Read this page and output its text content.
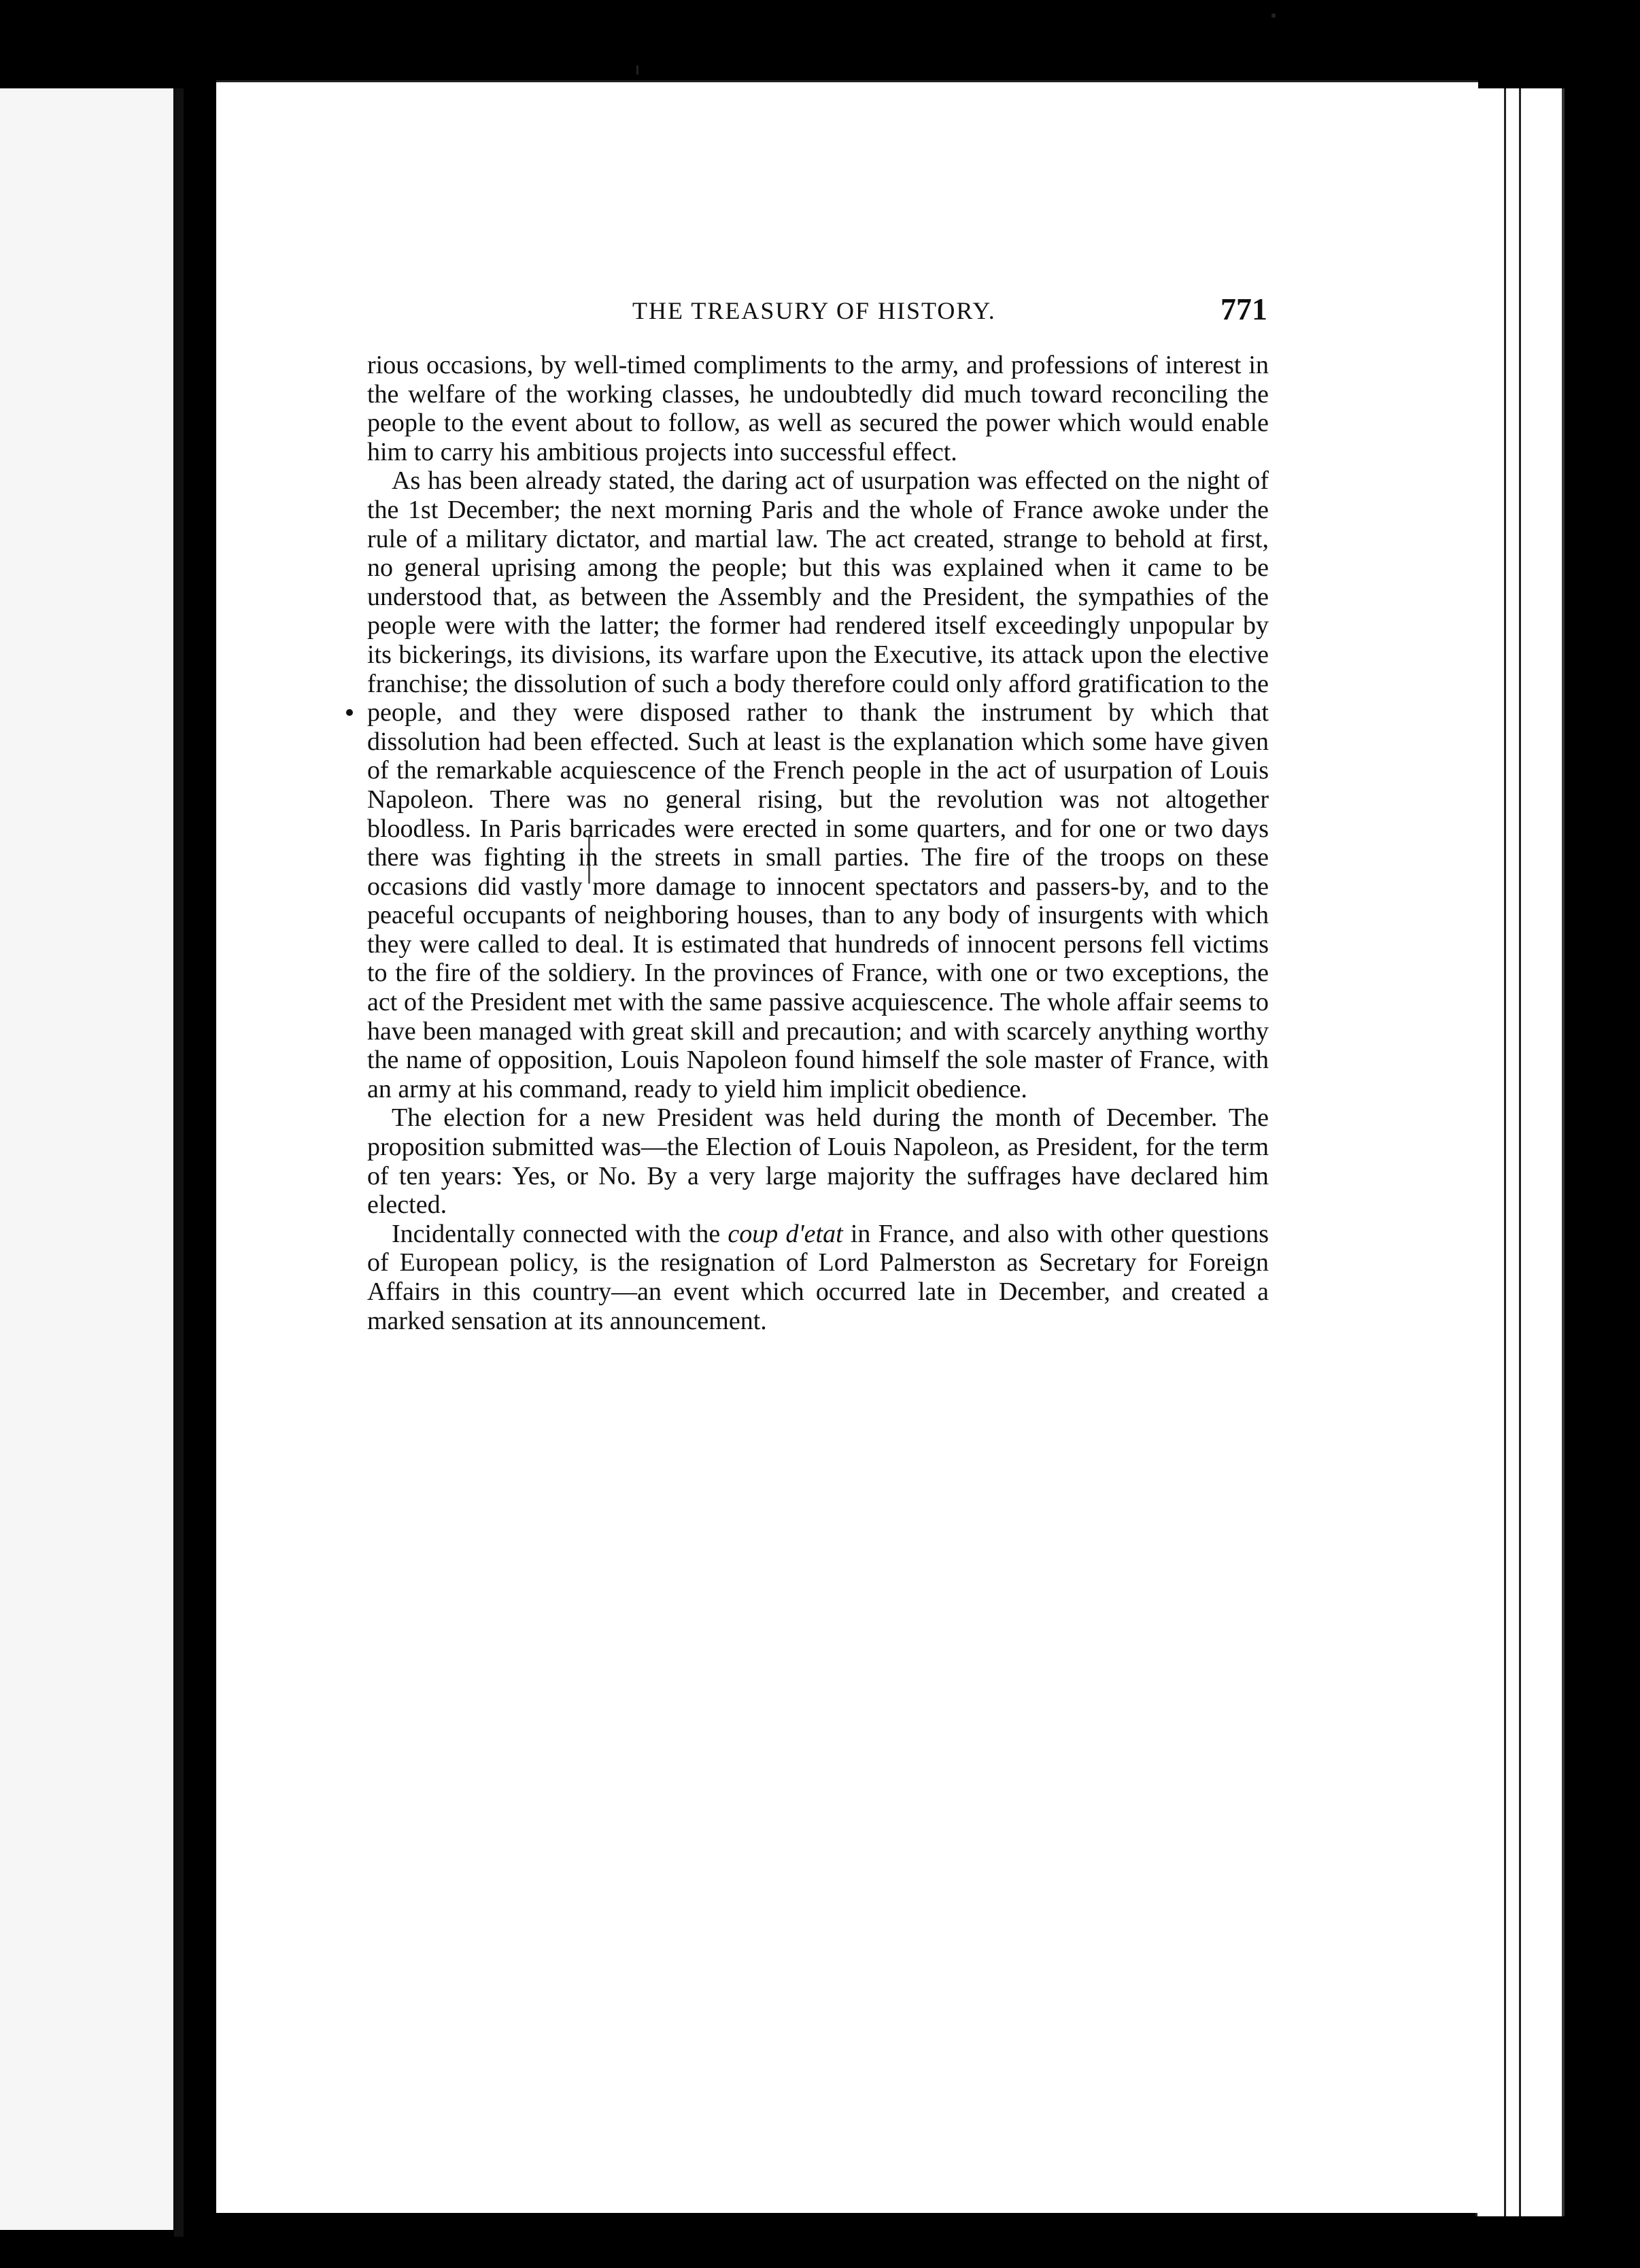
THE TREASURY OF HISTORY.	771

rious occasions, by well-timed compliments to the army, and professions of interest in the welfare of the working classes, he undoubtedly did much toward reconciling the people to the event about to follow, as well as secured the power which would enable him to carry his ambitious projects into successful effect.

As has been already stated, the daring act of usurpation was effected on the night of the 1st December; the next morning Paris and the whole of France awoke under the rule of a military dictator, and martial law. The act created, strange to behold at first, no general uprising among the people; but this was explained when it came to be understood that, as between the Assembly and the President, the sympathies of the people were with the latter; the former had rendered itself exceedingly unpopular by its bickerings, its divisions, its warfare upon the Executive, its attack upon the elective franchise; the dissolution of such a body therefore could only afford gratification to the people, and they were disposed rather to thank the instrument by which that dissolution had been effected. Such at least is the explanation which some have given of the remarkable acquiescence of the French people in the act of usurpation of Louis Napoleon. There was no general rising, but the revolution was not altogether bloodless. In Paris barricades were erected in some quarters, and for one or two days there was fighting in the streets in small parties. The fire of the troops on these occasions did vastly more damage to innocent spectators and passers-by, and to the peaceful occupants of neighboring houses, than to any body of insurgents with which they were called to deal. It is estimated that hundreds of innocent persons fell victims to the fire of the soldiery. In the provinces of France, with one or two exceptions, the act of the President met with the same passive acquiescence. The whole affair seems to have been managed with great skill and precaution; and with scarcely anything worthy the name of opposition, Louis Napoleon found himself the sole master of France, with an army at his command, ready to yield him implicit obedience.

The election for a new President was held during the month of December. The proposition submitted was—the Election of Louis Napoleon, as President, for the term of ten years: Yes, or No. By a very large majority the suffrages have declared him elected.

Incidentally connected with the coup d'etat in France, and also with other questions of European policy, is the resignation of Lord Palmerston as Secretary for Foreign Affairs in this country—an event which occurred late in December, and created a marked sensation at its announcement.
